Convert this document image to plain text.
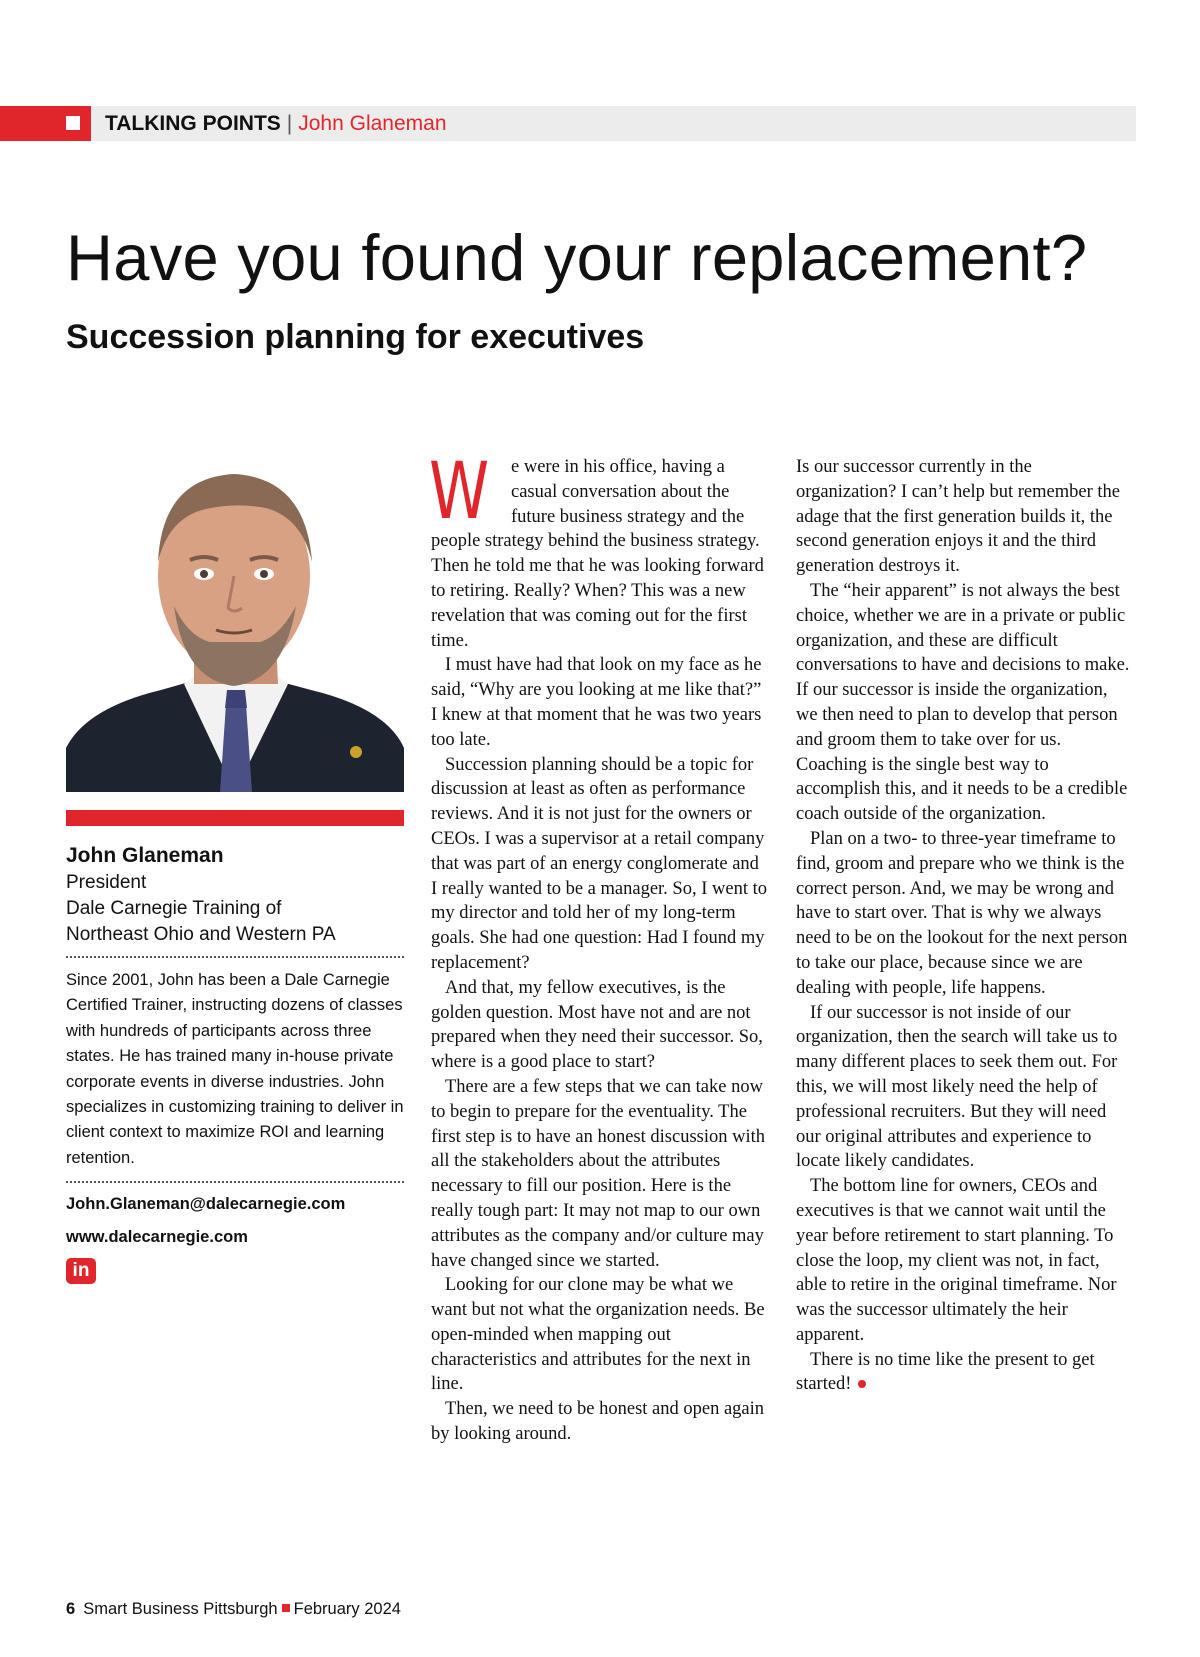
TALKING POINTS | John Glaneman
Have you found your replacement?
Succession planning for executives
John Glaneman
President
Dale Carnegie Training of
Northeast Ohio and Western PA
Since 2001, John has been a Dale Carnegie Certified Trainer, instructing dozens of classes with hundreds of participants across three states. He has trained many in-house private corporate events in diverse industries. John specializes in customizing training to deliver in client context to maximize ROI and learning retention.
John.Glaneman@dalecarnegie.com
www.dalecarnegie.com
in

W e were in his office, having a casual conversation about the future business strategy and the people strategy behind the business strategy. Then he told me that he was looking forward to retiring. Really? When? This was a new revelation that was coming out for the first time.

I must have had that look on my face as he said, “Why are you looking at me like that?” I knew at that moment that he was two years too late.

Succession planning should be a topic for discussion at least as often as performance reviews. And it is not just for the owners or CEOs. I was a supervisor at a retail company that was part of an energy conglomerate and I really wanted to be a manager. So, I went to my director and told her of my long-term goals. She had one question: Had I found my replacement?

And that, my fellow executives, is the golden question. Most have not and are not prepared when they need their successor. So, where is a good place to start?

There are a few steps that we can take now to begin to prepare for the eventuality. The first step is to have an honest discussion with all the stakeholders about the attributes necessary to fill our position. Here is the really tough part: It may not map to our own attributes as the company and/or culture may have changed since we started.

Looking for our clone may be what we want but not what the organization needs. Be open-minded when mapping out characteristics and attributes for the next in line.

Then, we need to be honest and open again by looking around.

Is our successor currently in the organization? I can’t help but remember the adage that the first generation builds it, the second generation enjoys it and the third generation destroys it.

The “heir apparent” is not always the best choice, whether we are in a private or public organization, and these are difficult conversations to have and decisions to make. If our successor is inside the organization, we then need to plan to develop that person and groom them to take over for us. Coaching is the single best way to accomplish this, and it needs to be a credible coach outside of the organization.

Plan on a two- to three-year timeframe to find, groom and prepare who we think is the correct person. And, we may be wrong and have to start over. That is why we always need to be on the lookout for the next person to take our place, because since we are dealing with people, life happens.

If our successor is not inside of our organization, then the search will take us to many different places to seek them out. For this, we will most likely need the help of professional recruiters. But they will need our original attributes and experience to locate likely candidates.

The bottom line for owners, CEOs and executives is that we cannot wait until the year before retirement to start planning. To close the loop, my client was not, in fact, able to retire in the original timeframe. Nor was the successor ultimately the heir apparent.

There is no time like the present to get started!

6 Smart Business Pittsburgh February 2024
